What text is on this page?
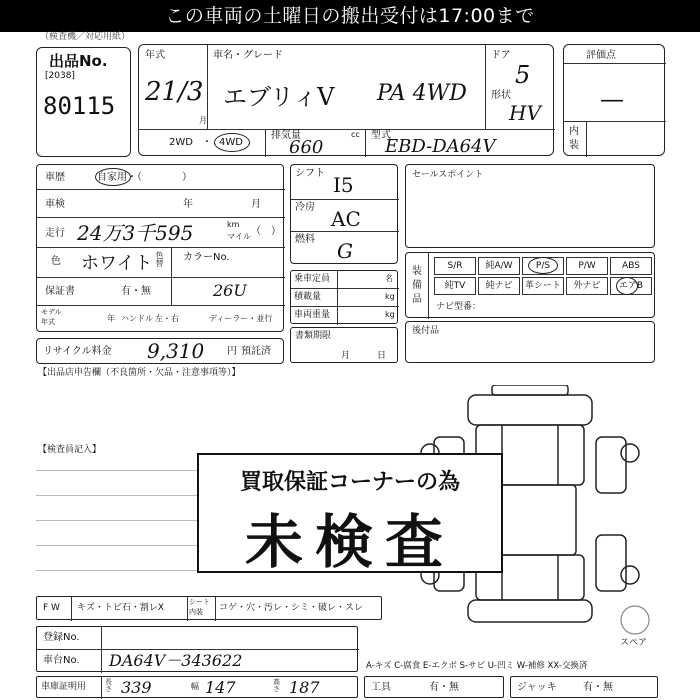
この車両の土曜日の搬出受付は17:00まで
（検査機／対応用紙）
出品No.
[2038]
80115
年式
21/3
月
車名・グレード
エブリィV PA 4WD
ドア
5
形状
HV
2WD ・ 4WD
排気量	cc
660
型式
EBD-DA64V
評価点
—
内
装
車歴	自家用・（　　　　）
車検	年	月
走行 24万3千595	km
マイル （　）
色 ホワイト 色替 カラーNo.
26U
保証書	有・無
モデル
年式	年 ハンドル 左・右	ディーラー・並行
リサイクル料金 9,310 円 預託済
【出品店申告欄（不良箇所・欠品・注意事項等）】
シフト I5
冷房 AC
燃料 G
乗車定員	名
積載量	kg
車両重量	kg
書類期限
月	日
セールスポイント
装
備
品
S/R	純A/W	P/S	P/W	ABS
純TV	純ナビ	革シート	外ナビ	エアB
ナビ型番：
後付品
【検査員記入】
スペア
買取保証コーナーの為
未検査
F W キズ・トビ石・割レX
シート
内装 コゲ・穴・汚レ・シミ・破レ・スレ
登録No.
車台No. DA64V－343622
車庫証明用	長さ 339	幅 147	高さ 187
A-キズ C-腐食 E-エクボ S-サビ U-凹ミ W-補修 XX-交換済
工具	有・無	ジャッキ	有・無
